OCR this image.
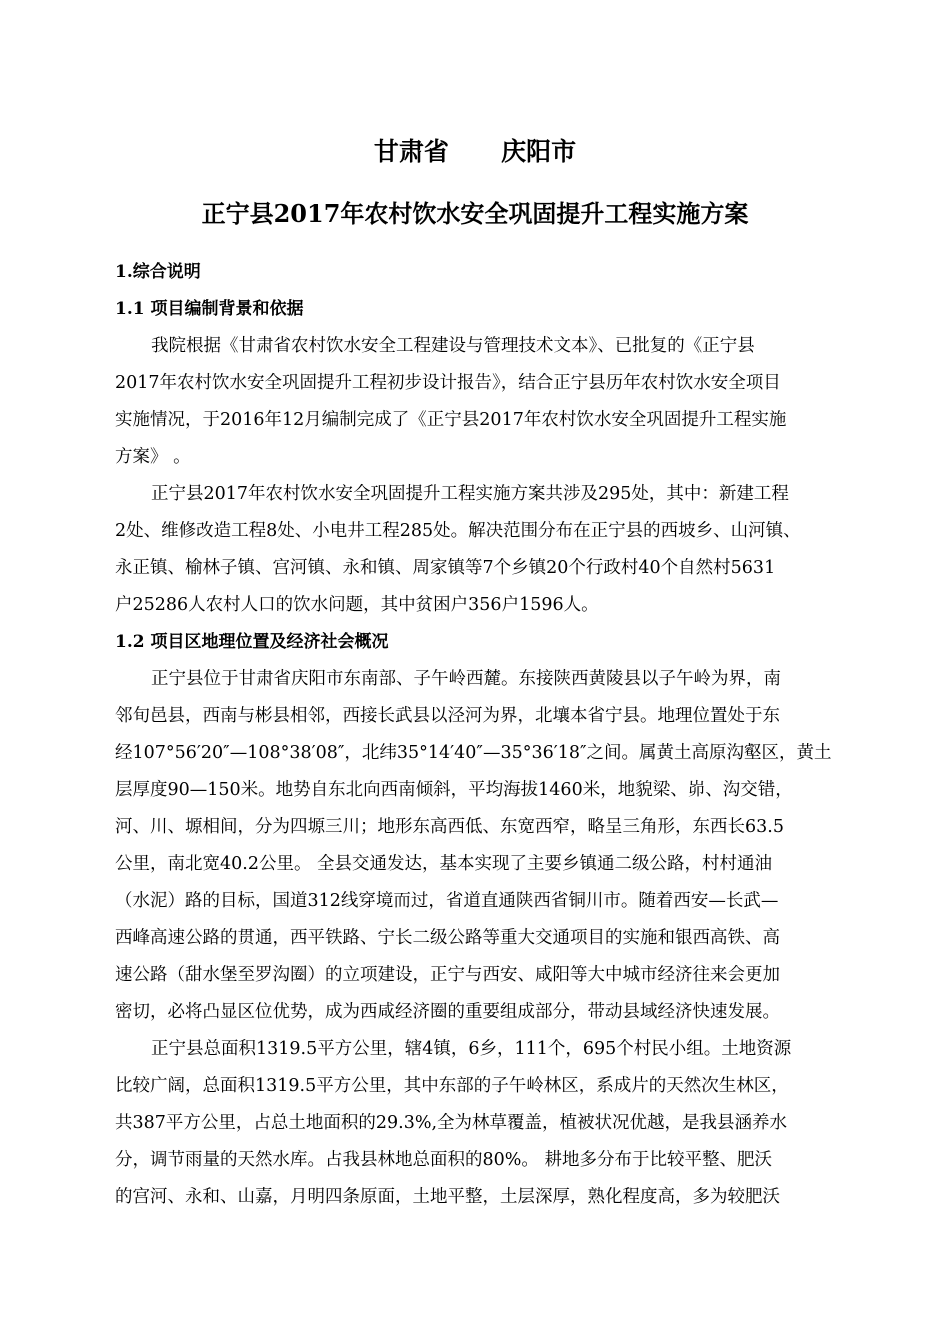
甘肃省      庆阳市
正宁县2017年农村饮水安全巩固提升工程实施方案

1.综合说明

1.1 项目编制背景和依据

我院根据《甘肃省农村饮水安全工程建设与管理技术文本》、已批复的《正宁县
2017年农村饮水安全巩固提升工程初步设计报告》，结合正宁县历年农村饮水安全项目
实施情况，于2016年12月编制完成了《正宁县2017年农村饮水安全巩固提升工程实施
方案》 。

正宁县2017年农村饮水安全巩固提升工程实施方案共涉及295处，其中：新建工程
2处、维修改造工程8处、小电井工程285处。解决范围分布在正宁县的西坡乡、山河镇、
永正镇、榆林子镇、宫河镇、永和镇、周家镇等7个乡镇20个行政村40个自然村5631
户25286人农村人口的饮水问题，其中贫困户356户1596人。

1.2 项目区地理位置及经济社会概况

正宁县位于甘肃省庆阳市东南部、子午岭西麓。东接陕西黄陵县以子午岭为界，南
邻旬邑县，西南与彬县相邻，西接长武县以泾河为界，北壤本省宁县。地理位置处于东
经107°56′20″—108°38′08″，北纬35°14′40″—35°36′18″之间。属黄土高原沟壑区，黄土
层厚度90—150米。地势自东北向西南倾斜，平均海拔1460米，地貌梁、峁、沟交错，
河、川、塬相间，分为四塬三川；地形东高西低、东宽西窄，略呈三角形，东西长63.5
公里，南北宽40.2公里。 全县交通发达，基本实现了主要乡镇通二级公路，村村通油
（水泥）路的目标，国道312线穿境而过，省道直通陕西省铜川市。随着西安—长武—
西峰高速公路的贯通，西平铁路、宁长二级公路等重大交通项目的实施和银西高铁、高
速公路（甜水堡至罗沟圈）的立项建设，正宁与西安、咸阳等大中城市经济往来会更加
密切，必将凸显区位优势，成为西咸经济圈的重要组成部分，带动县域经济快速发展。

正宁县总面积1319.5平方公里，辖4镇，6乡，111个，695个村民小组。土地资源
比较广阔，总面积1319.5平方公里，其中东部的子午岭林区，系成片的天然次生林区，
共387平方公里，占总土地面积的29.3%,全为林草覆盖，植被状况优越，是我县涵养水
分，调节雨量的天然水库。占我县林地总面积的80%。 耕地多分布于比较平整、肥沃
的宫河、永和、山嘉，月明四条原面，土地平整，土层深厚，熟化程度高，多为较肥沃
